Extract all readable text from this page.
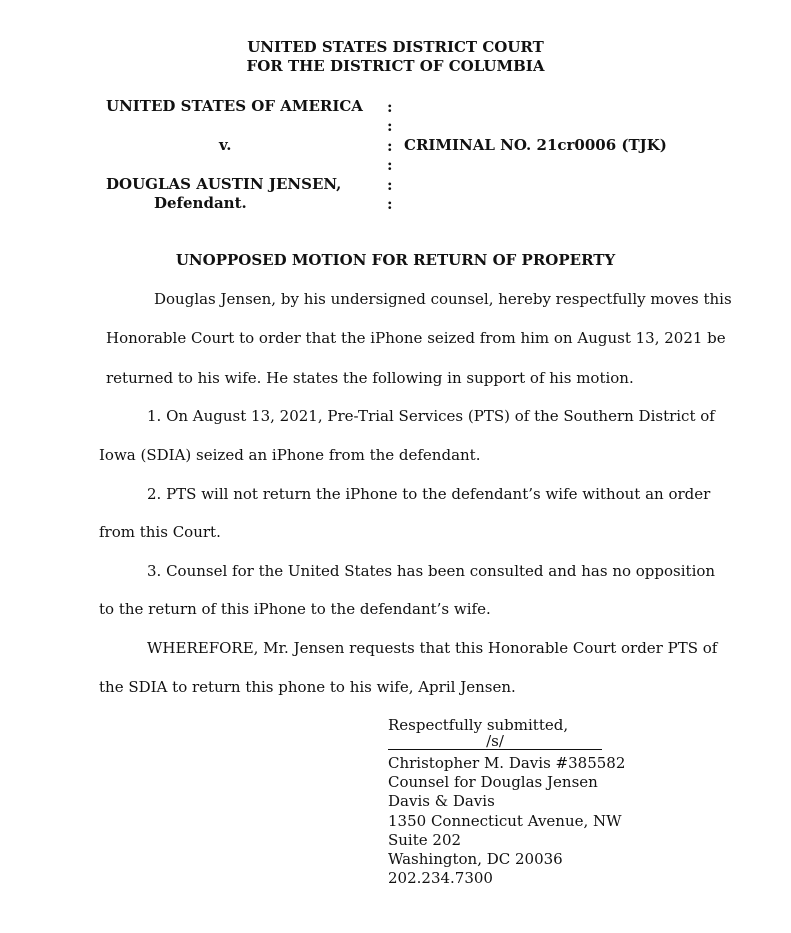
UNITED STATES DISTRICT COURT
FOR THE DISTRICT OF COLUMBIA
UNITED STATES OF AMERICA
v.
DOUGLAS AUSTIN JENSEN,
Defendant.
:
:
:
:
:
:
CRIMINAL NO. 21cr0006 (TJK)
UNOPPOSED MOTION FOR RETURN OF PROPERTY
Douglas Jensen, by his undersigned counsel, hereby respectfully moves this
Honorable Court to order that the iPhone seized from him on August 13, 2021 be
returned to his wife. He states the following in support of his motion.
1. On August 13, 2021, Pre-Trial Services (PTS) of the Southern District of
Iowa (SDIA) seized an iPhone from the defendant.
2. PTS will not return the iPhone to the defendant’s wife without an order
from this Court.
3. Counsel for the United States has been consulted and has no opposition
to the return of this iPhone to the defendant’s wife.
WHEREFORE, Mr. Jensen requests that this Honorable Court order PTS of
the SDIA to return this phone to his wife, April Jensen.
Respectfully submitted,
/s/
Christopher M. Davis #385582
Counsel for Douglas Jensen
Davis & Davis
1350 Connecticut Avenue, NW
Suite 202
Washington, DC 20036
202.234.7300
